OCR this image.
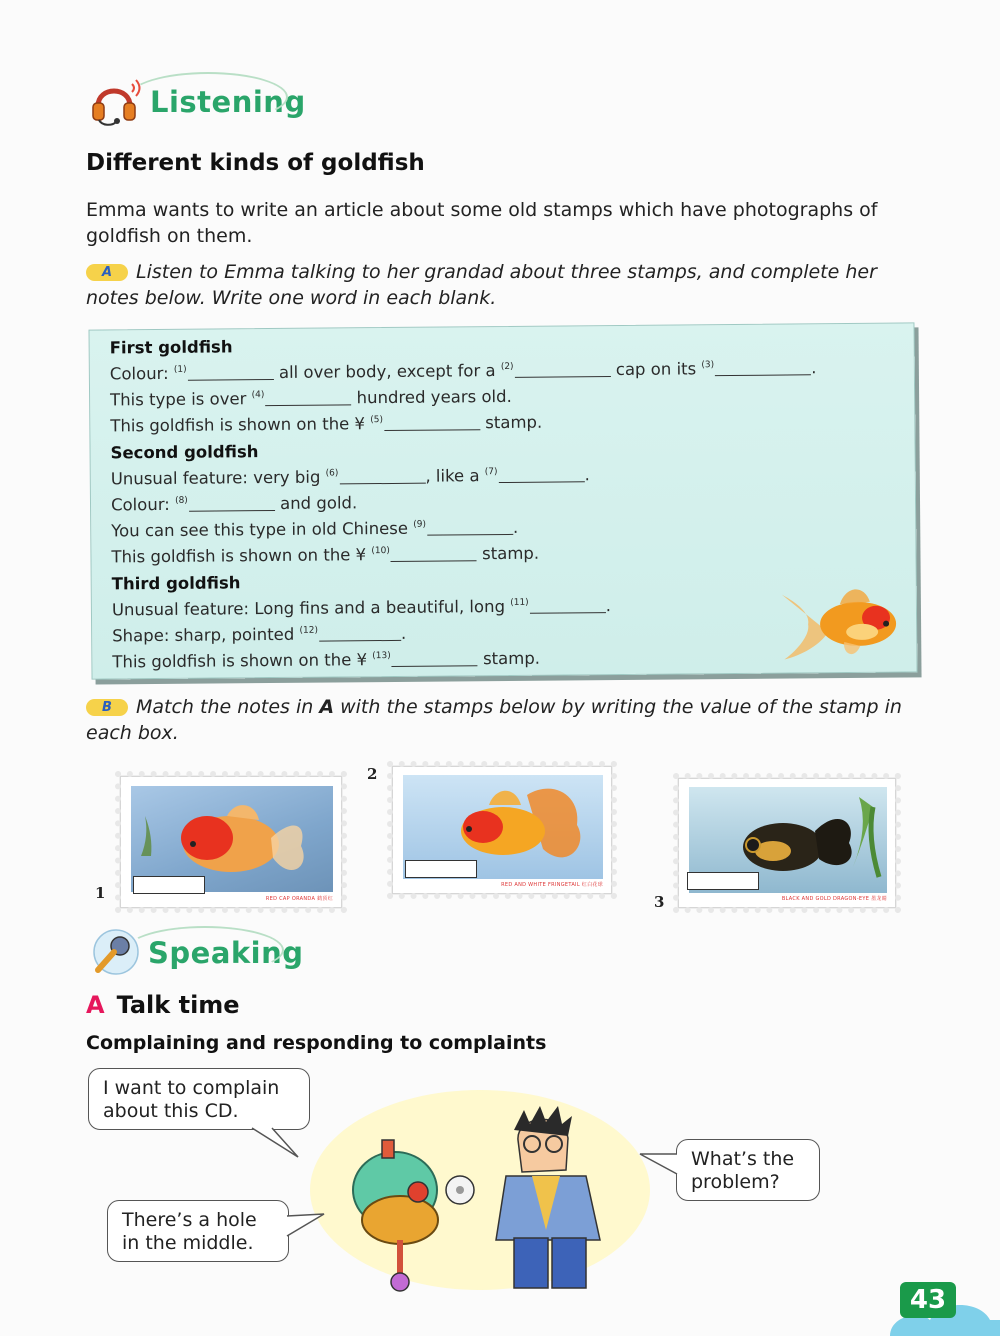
Listening
Different kinds of goldfish
Emma wants to write an article about some old stamps which have photographs of goldfish on them.
A Listen to Emma talking to her grandad about three stamps, and complete her notes below. Write one word in each blank.
First goldfish
Colour: $^{(1)}$	all over body, except for a $^{(2)}$	cap on its $^{(3)}$	.
This type is over $^{(4)}$	hundred years old.
This goldfish is shown on the ¥ $^{(5)}$	stamp.
Second goldfish
Unusual feature: very big $^{(6)}$	, like a $^{(7)}$	.
Colour: $^{(8)}$	and gold.
You can see this type in old Chinese $^{(9)}$	.
This goldfish is shown on the ¥ $^{(10)}$	stamp.
Third goldfish
Unusual feature: Long fins and a beautiful, long $^{(11)}$	.
Shape: sharp, pointed $^{(12)}$	.
This goldfish is shown on the ¥ $^{(13)}$	stamp.
B Match the notes in A with the stamps below by writing the value of the stamp in each box.
RED CAP ORANDA 鹤顶红
1	RED AND WHITE FRINGETAIL 红白花球
2
BLACK AND GOLD DRAGON-EYE 墨龙睛
3
Speaking
A Talk time
Complaining and responding to complaints
I want to complain about this CD.
There’s a hole in the middle.
What’s the problem?
43
